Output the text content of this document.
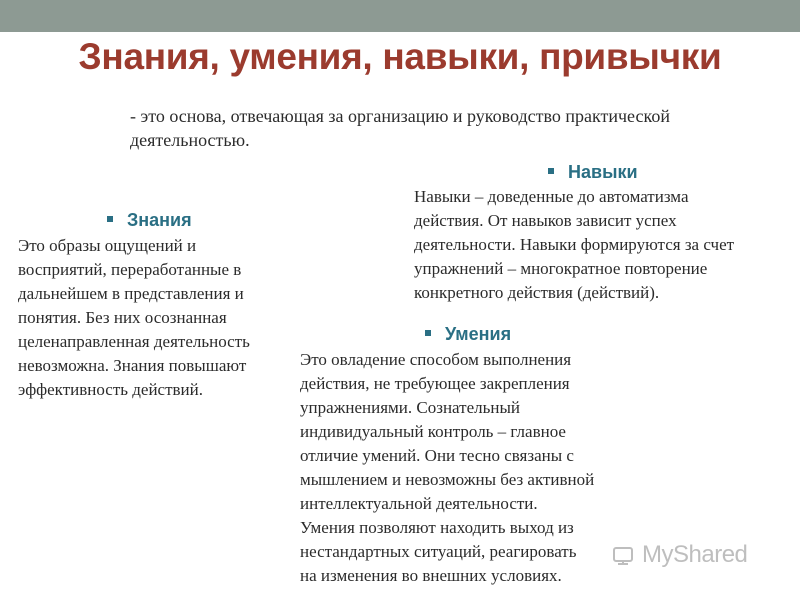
Знания, умения, навыки, привычки
- это основа, отвечающая за организацию и руководство практической деятельностью.
Знания
Это образы ощущений и
восприятий, переработанные в
дальнейшем в представления и
понятия. Без них осознанная
целенаправленная деятельность
невозможна. Знания повышают
эффективность действий.
Навыки
Навыки – доведенные до автоматизма
действия. От навыков зависит успех
деятельности. Навыки формируются за счет
упражнений – многократное повторение
конкретного действия (действий).
Умения
Это овладение способом выполнения
действия, не требующее закрепления
упражнениями. Сознательный
индивидуальный контроль – главное
отличие умений. Они тесно связаны с
мышлением и невозможны без активной
интеллектуальной деятельности.
Умения позволяют находить выход из
нестандартных ситуаций, реагировать
на изменения во внешних условиях.
MyShared
